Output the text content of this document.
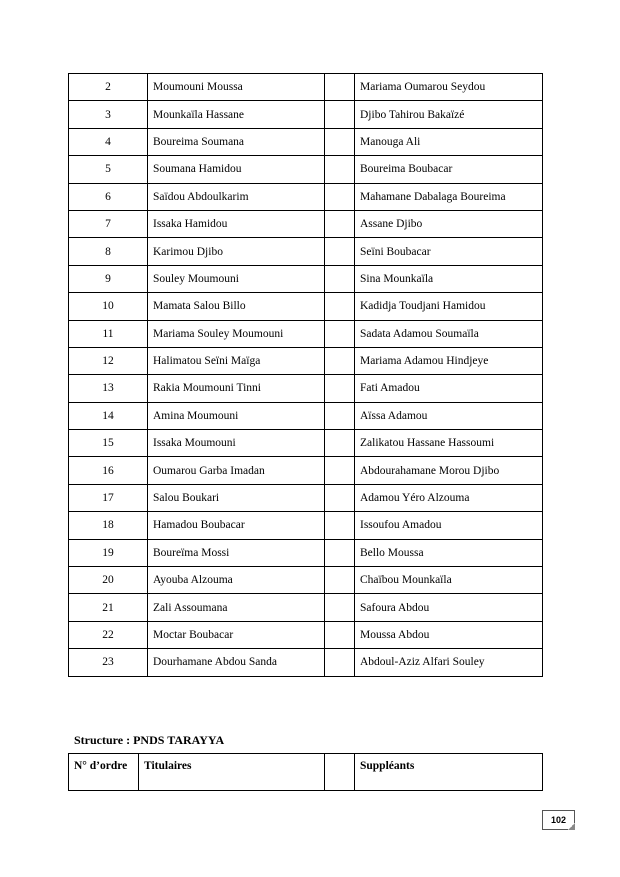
2	Moumouni Moussa		Mariama Oumarou Seydou
3	Mounkaïla Hassane		Djibo Tahirou Bakaïzé
4	Boureima Soumana		Manouga Ali
5	Soumana Hamidou		Boureima Boubacar
6	Saïdou Abdoulkarim		Mahamane Dabalaga Boureima
7	Issaka Hamidou		Assane Djibo
8	Karimou Djibo		Seïni Boubacar
9	Souley Moumouni		Sina Mounkaïla
10	Mamata Salou Billo		Kadidja Toudjani Hamidou
11	Mariama Souley Moumouni		Sadata Adamou Soumaïla
12	Halimatou Seïni Maïga		Mariama Adamou Hindjeye
13	Rakia Moumouni Tinni		Fati Amadou
14	Amina Moumouni		Aïssa Adamou
15	Issaka Moumouni		Zalikatou Hassane Hassoumi
16	Oumarou Garba Imadan		Abdourahamane Morou Djibo
17	Salou Boukari		Adamou Yéro Alzouma
18	Hamadou Boubacar		Issoufou Amadou
19	Boureïma Mossi		Bello Moussa
20	Ayouba Alzouma		Chaïbou Mounkaïla
21	Zali Assoumana		Safoura Abdou
22	Moctar Boubacar		Moussa Abdou
23	Dourhamane Abdou Sanda		Abdoul-Aziz Alfari Souley

Structure : PNDS TARAYYA

N° d’ordre	Titulaires		Suppléants
102
